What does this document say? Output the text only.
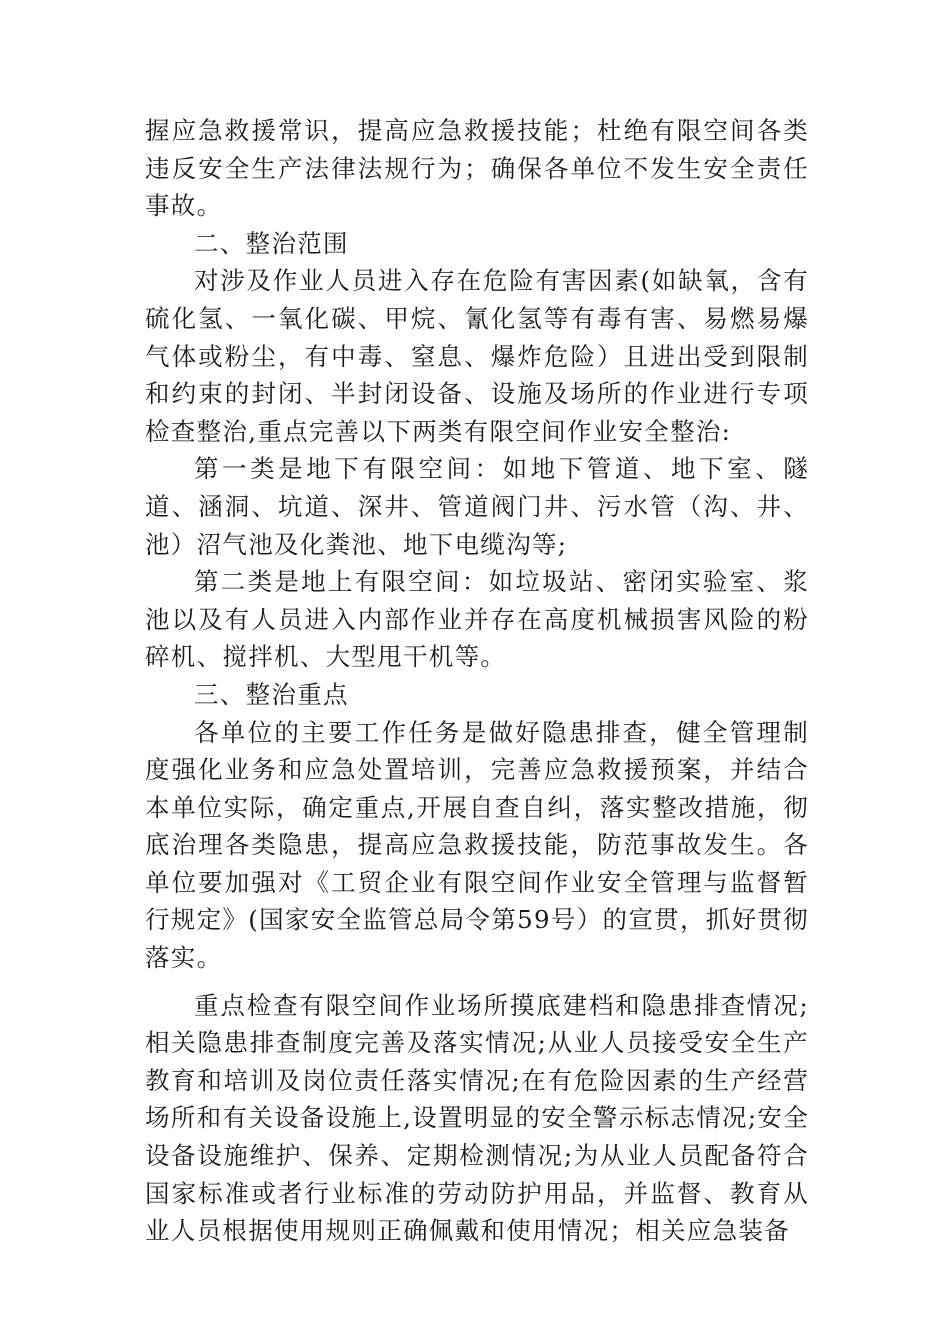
握应急救援常识，提高应急救援技能；杜绝有限空间各类违反安全生产法律法规行为；确保各单位不发生安全责任事故。

二、整治范围

对涉及作业人员进入存在危险有害因素(如缺氧，含有硫化氢、一氧化碳、甲烷、氰化氢等有毒有害、易燃易爆气体或粉尘，有中毒、窒息、爆炸危险）且进出受到限制和约束的封闭、半封闭设备、设施及场所的作业进行专项检查整治,重点完善以下两类有限空间作业安全整治:

第一类是地下有限空间：如地下管道、地下室、隧道、涵洞、坑道、深井、管道阀门井、污水管（沟、井、池）沼气池及化粪池、地下电缆沟等;

第二类是地上有限空间：如垃圾站、密闭实验室、浆池以及有人员进入内部作业并存在高度机械损害风险的粉碎机、搅拌机、大型甩干机等。

三、整治重点

各单位的主要工作任务是做好隐患排查，健全管理制度强化业务和应急处置培训，完善应急救援预案，并结合本单位实际，确定重点,开展自查自纠，落实整改措施，彻底治理各类隐患，提高应急救援技能，防范事故发生。各单位要加强对《工贸企业有限空间作业安全管理与监督暂行规定》(国家安全监管总局令第59号）的宣贯，抓好贯彻落实。

重点检查有限空间作业场所摸底建档和隐患排查情况;相关隐患排查制度完善及落实情况;从业人员接受安全生产教育和培训及岗位责任落实情况;在有危险因素的生产经营场所和有关设备设施上,设置明显的安全警示标志情况;安全设备设施维护、保养、定期检测情况;为从业人员配备符合国家标准或者行业标准的劳动防护用品，并监督、教育从业人员根据使用规则正确佩戴和使用情况；相关应急装备
